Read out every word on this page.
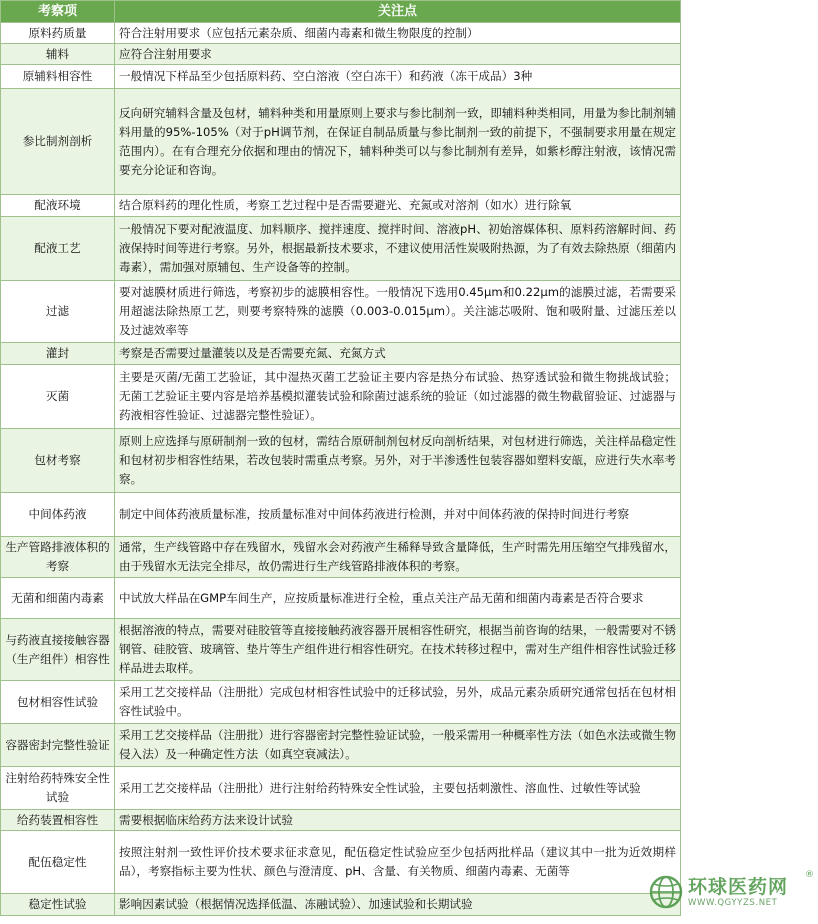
考察项	关注点
原料药质量	符合注射用要求（应包括元素杂质、细菌内毒素和微生物限度的控制）
辅料	应符合注射用要求
原辅料相容性	一般情况下样品至少包括原料药、空白溶液（空白冻干）和药液（冻干成品）3种
参比制剂剖析	反向研究辅料含量及包材，辅料种类和用量原则上要求与参比制剂一致，即辅料种类相同，用量为参比制剂辅料用量的95%-105%（对于pH调节剂，在保证自制品质量与参比制剂一致的前提下，不强制要求用量在规定范围内）。在有合理充分依据和理由的情况下，辅料种类可以与参比制剂有差异，如紫杉醇注射液，该情况需要充分论证和咨询。
配液环境	结合原料药的理化性质，考察工艺过程中是否需要避光、充氮或对溶剂（如水）进行除氧
配液工艺	一般情况下要对配液温度、加料顺序、搅拌速度、搅拌时间、溶液pH、初始溶媒体积、原料药溶解时间、药液保持时间等进行考察。另外，根据最新技术要求，不建议使用活性炭吸附热源，为了有效去除热原（细菌内毒素），需加强对原辅包、生产设备等的控制。
过滤	要对滤膜材质进行筛选，考察初步的滤膜相容性。一般情况下选用0.45μm和0.22μm的滤膜过滤，若需要采用超滤法除热原工艺，则要考察特殊的滤膜（0.003-0.015μm）。关注滤芯吸附、饱和吸附量、过滤压差以及过滤效率等
灌封	考察是否需要过量灌装以及是否需要充氮、充氮方式
灭菌	主要是灭菌/无菌工艺验证，其中湿热灭菌工艺验证主要内容是热分布试验、热穿透试验和微生物挑战试验；无菌工艺验证主要内容是培养基模拟灌装试验和除菌过滤系统的验证（如过滤器的微生物截留验证、过滤器与药液相容性验证、过滤器完整性验证）。
包材考察	原则上应选择与原研制剂一致的包材，需结合原研制剂包材反向剖析结果，对包材进行筛选，关注样品稳定性和包材初步相容性结果，若改包装时需重点考察。另外，对于半渗透性包装容器如塑料安瓿，应进行失水率考察。
中间体药液	制定中间体药液质量标准，按质量标准对中间体药液进行检测，并对中间体药液的保持时间进行考察
生产管路排液体积的考察	通常，生产线管路中存在残留水，残留水会对药液产生稀释导致含量降低，生产时需先用压缩空气排残留水，由于残留水无法完全排尽，故仍需进行生产线管路排液体积的考察。
无菌和细菌内毒素	中试放大样品在GMP车间生产，应按质量标准进行全检，重点关注产品无菌和细菌内毒素是否符合要求
与药液直接接触容器（生产组件）相容性	根据溶液的特点，需要对硅胶管等直接接触药液容器开展相容性研究，根据当前咨询的结果，一般需要对不锈钢管、硅胶管、玻璃管、垫片等生产组件进行相容性研究。在技术转移过程中，需对生产组件相容性试验迁移样品进去取样。
包材相容性试验	采用工艺交接样品（注册批）完成包材相容性试验中的迁移试验，另外，成品元素杂质研究通常包括在包材相容性试验中。
容器密封完整性验证	采用工艺交接样品（注册批）进行容器密封完整性验证试验，一般采需用一种概率性方法（如色水法或微生物侵入法）及一种确定性方法（如真空衰减法）。
注射给药特殊安全性试验	采用工艺交接样品（注册批）进行注射给药特殊安全性试验，主要包括刺激性、溶血性、过敏性等试验
给药装置相容性	需要根据临床给药方法来设计试验
配伍稳定性	按照注射剂一致性评价技术要求征求意见，配伍稳定性试验应至少包括两批样品（建议其中一批为近效期样品），考察指标主要为性状、颜色与澄清度、pH、含量、有关物质、细菌内毒素、无菌等
稳定性试验	影响因素试验（根据情况选择低温、冻融试验）、加速试验和长期试验
环球医药网
WWW.QGYYZS.NET
®
